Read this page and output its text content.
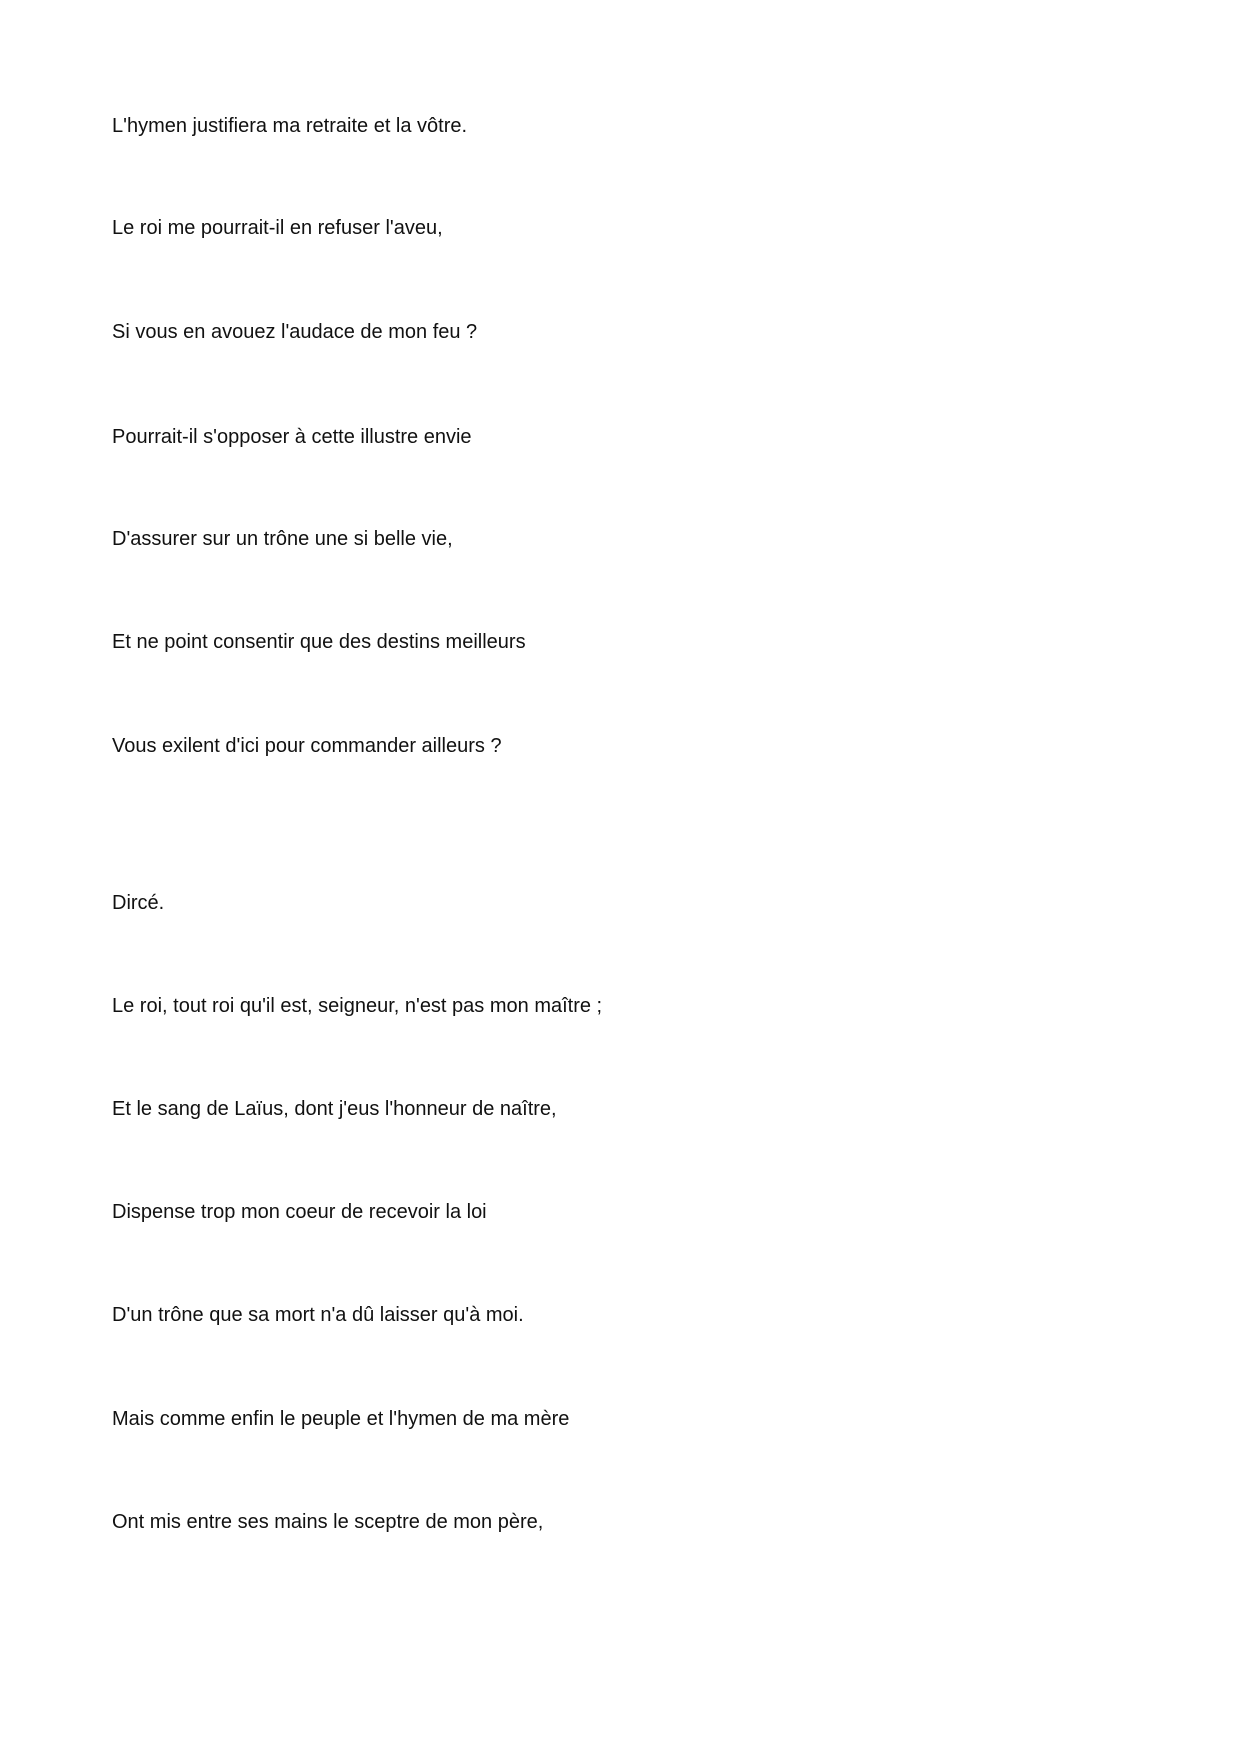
L'hymen justifiera ma retraite et la vôtre.
Le roi me pourrait-il en refuser l'aveu,
Si vous en avouez l'audace de mon feu ?
Pourrait-il s'opposer à cette illustre envie
D'assurer sur un trône une si belle vie,
Et ne point consentir que des destins meilleurs
Vous exilent d'ici pour commander ailleurs ?
Dircé.
Le roi, tout roi qu'il est, seigneur, n'est pas mon maître ;
Et le sang de Laïus, dont j'eus l'honneur de naître,
Dispense trop mon coeur de recevoir la loi
D'un trône que sa mort n'a dû laisser qu'à moi.
Mais comme enfin le peuple et l'hymen de ma mère
Ont mis entre ses mains le sceptre de mon père,
